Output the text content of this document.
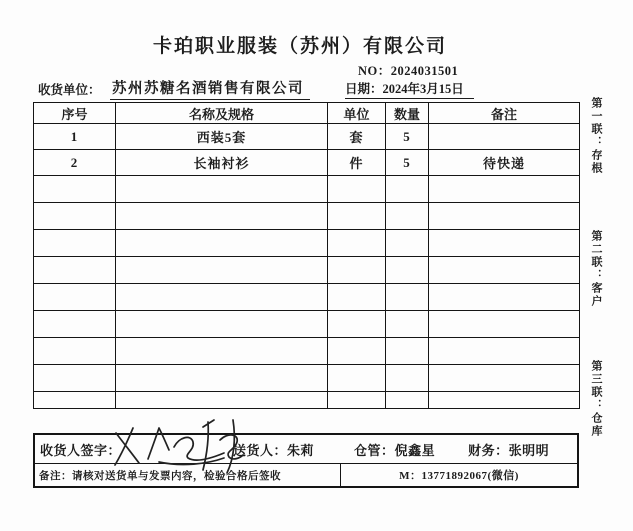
卡珀职业服装（苏州）有限公司
NO：2024031501
收货单位： 苏州苏糖名酒销售有限公司	日期：2024年3月15日
序号	名称及规格	单位	数量	备注
1	西装5套	套	5	
2	长袖衬衫	件	5	待快递

					第一联：存根
第二联：客户
第三联：仓库
收货人签字：	送货人：朱莉	仓管：倪鑫星	财务：张明明
备注： 请核对送货单与发票内容，检验合格后签收	M： 13771892067(微信)
